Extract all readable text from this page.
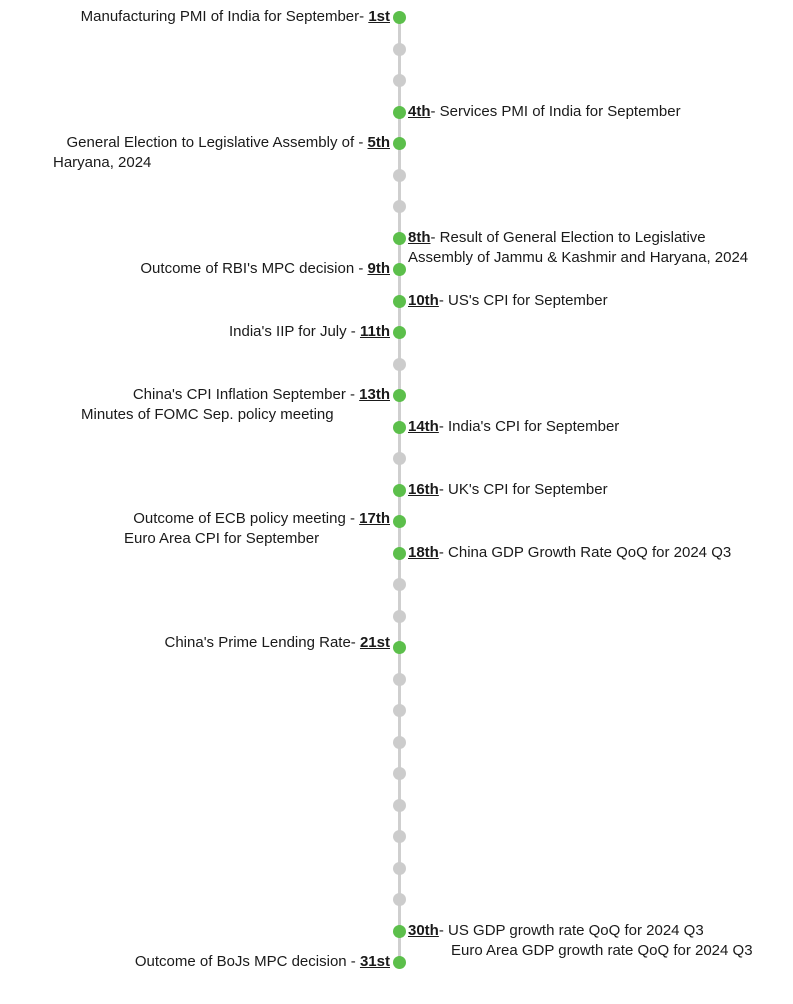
Manufacturing PMI of India for September- 1st
4th- Services PMI of India for September
General Election to Legislative Assembly of - 5th
Haryana, 2024
8th- Result of General Election to Legislative
Assembly of Jammu & Kashmir and Haryana, 2024
Outcome of RBI's MPC decision - 9th
10th- US's CPI for September
India's IIP for July - 11th
China's CPI Inflation September - 13th
Minutes of FOMC Sep. policy meeting
14th- India's CPI for September
16th- UK's CPI for September
Outcome of ECB policy meeting - 17th
Euro Area CPI for September
18th- China GDP Growth Rate QoQ for 2024 Q3
China's Prime Lending Rate- 21st
30th- US GDP growth rate QoQ for 2024 Q3
Euro Area GDP growth rate QoQ for 2024 Q3
Outcome of BoJs MPC decision - 31st
